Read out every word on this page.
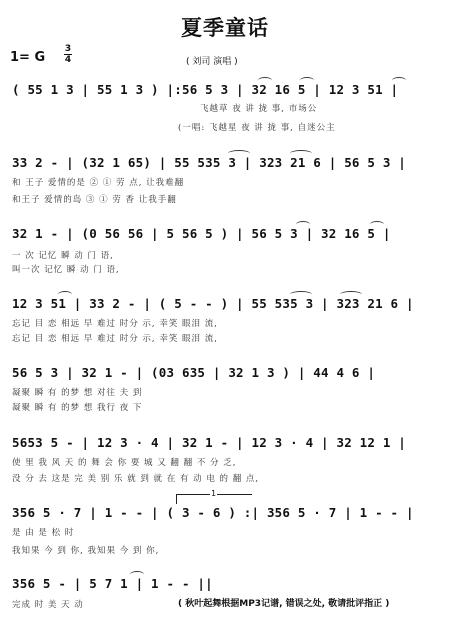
夏季童话
1= G
3
4	( 刘司 演唱 )
( 55 1 3 | 55 1 3 ) |:56 5 3 | 32 16 5 | 12 3 51 |
飞越草 夜 讲 拢 事, 市场公
(一唱: 飞越星 夜 讲 拢 事, 自迷公主
33 2 - | (32 1 65) | 55 535 3 | 323 21 6 | 56 5 3 |
和 王子 爱情的是 ② ① 劳 点, 让我难翻
和王子 爱情的岛 ③ ① 劳 香 让我手翻
32 1 - | (0 56 56 | 5 56 5 ) | 56 5 3 | 32 16 5 |
一 次 记忆 瞬 动 门 语,
叫一次 记忆 瞬 动 门 语,
12 3 51 | 33 2 - | ( 5 - - ) | 55 535 3 | 323 21 6 |
忘记 目 恋 相远 早 难过 时分 示, 幸笑 眼泪 流,
忘记 目 恋 相远 早 难过 时分 示, 幸笑 眼泪 流,
56 5 3 | 32 1 - | (03 635 | 32 1 3 ) | 44 4 6 |
凝聚 瞬 有 的梦 想 对往 夫 到
凝聚 瞬 有 的梦 想 我行 夜 下
5653 5 - | 12 3 · 4 | 32 1 - | 12 3 · 4 | 32 12 1 |
使 里 我 风 天 的 舞 会 你 要 城 又 翻 翻 不 分 乏,
没 分 去 这是 完 美 别 乐 就 到 就 在 有 动 电 的 翻 点,
1
356 5 · 7 | 1 - - | ( 3 - 6 ) :| 356 5 · 7 | 1 - - |
是 由 是 松 时
我知果 今 到 你, 我知果 今 到 你,
356 5 - | 5 7 1 | 1 - - ||
完成 时 美 天 动	( 秋叶起舞根据MP3记谱, 错误之处, 敬请批评指正 )
